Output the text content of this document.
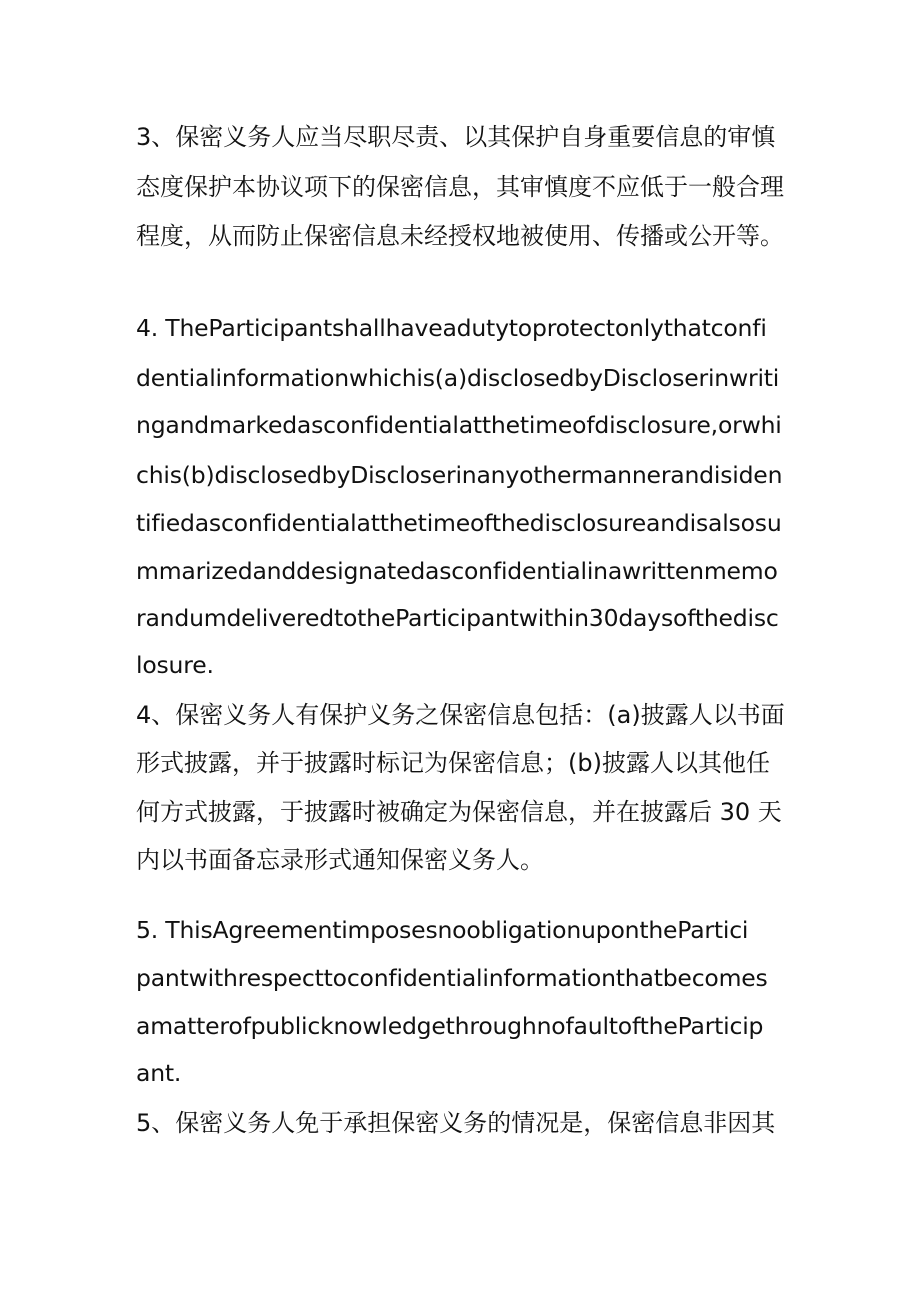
3、保密义务人应当尽职尽责、以其保护自身重要信息的审慎
态度保护本协议项下的保密信息，其审慎度不应低于一般合理
程度，从而防止保密信息未经授权地被使用、传播或公开等。
4. TheParticipantshallhaveadutytoprotectonlythatconfi
dentialinformationwhichis(a)disclosedbyDiscloserinwriti
ngandmarkedasconfidentialatthetimeofdisclosure,orwhi
chis(b)disclosedbyDiscloserinanyothermannerandisiden
tifiedasconfidentialatthetimeofthedisclosureandisalsosu
mmarizedanddesignatedasconfidentialinawrittenmemo
randumdeliveredtotheParticipantwithin30daysofthedisc
losure.
4、保密义务人有保护义务之保密信息包括：(a)披露人以书面
形式披露，并于披露时标记为保密信息；(b)披露人以其他任
何方式披露，于披露时被确定为保密信息，并在披露后 30 天
内以书面备忘录形式通知保密义务人。
5. ThisAgreementimposesnoobligationuponthePartici
pantwithrespecttoconfidentialinformationthatbecomes
amatterofpublicknowledgethroughnofaultoftheParticip
ant.
5、保密义务人免于承担保密义务的情况是，保密信息非因其
